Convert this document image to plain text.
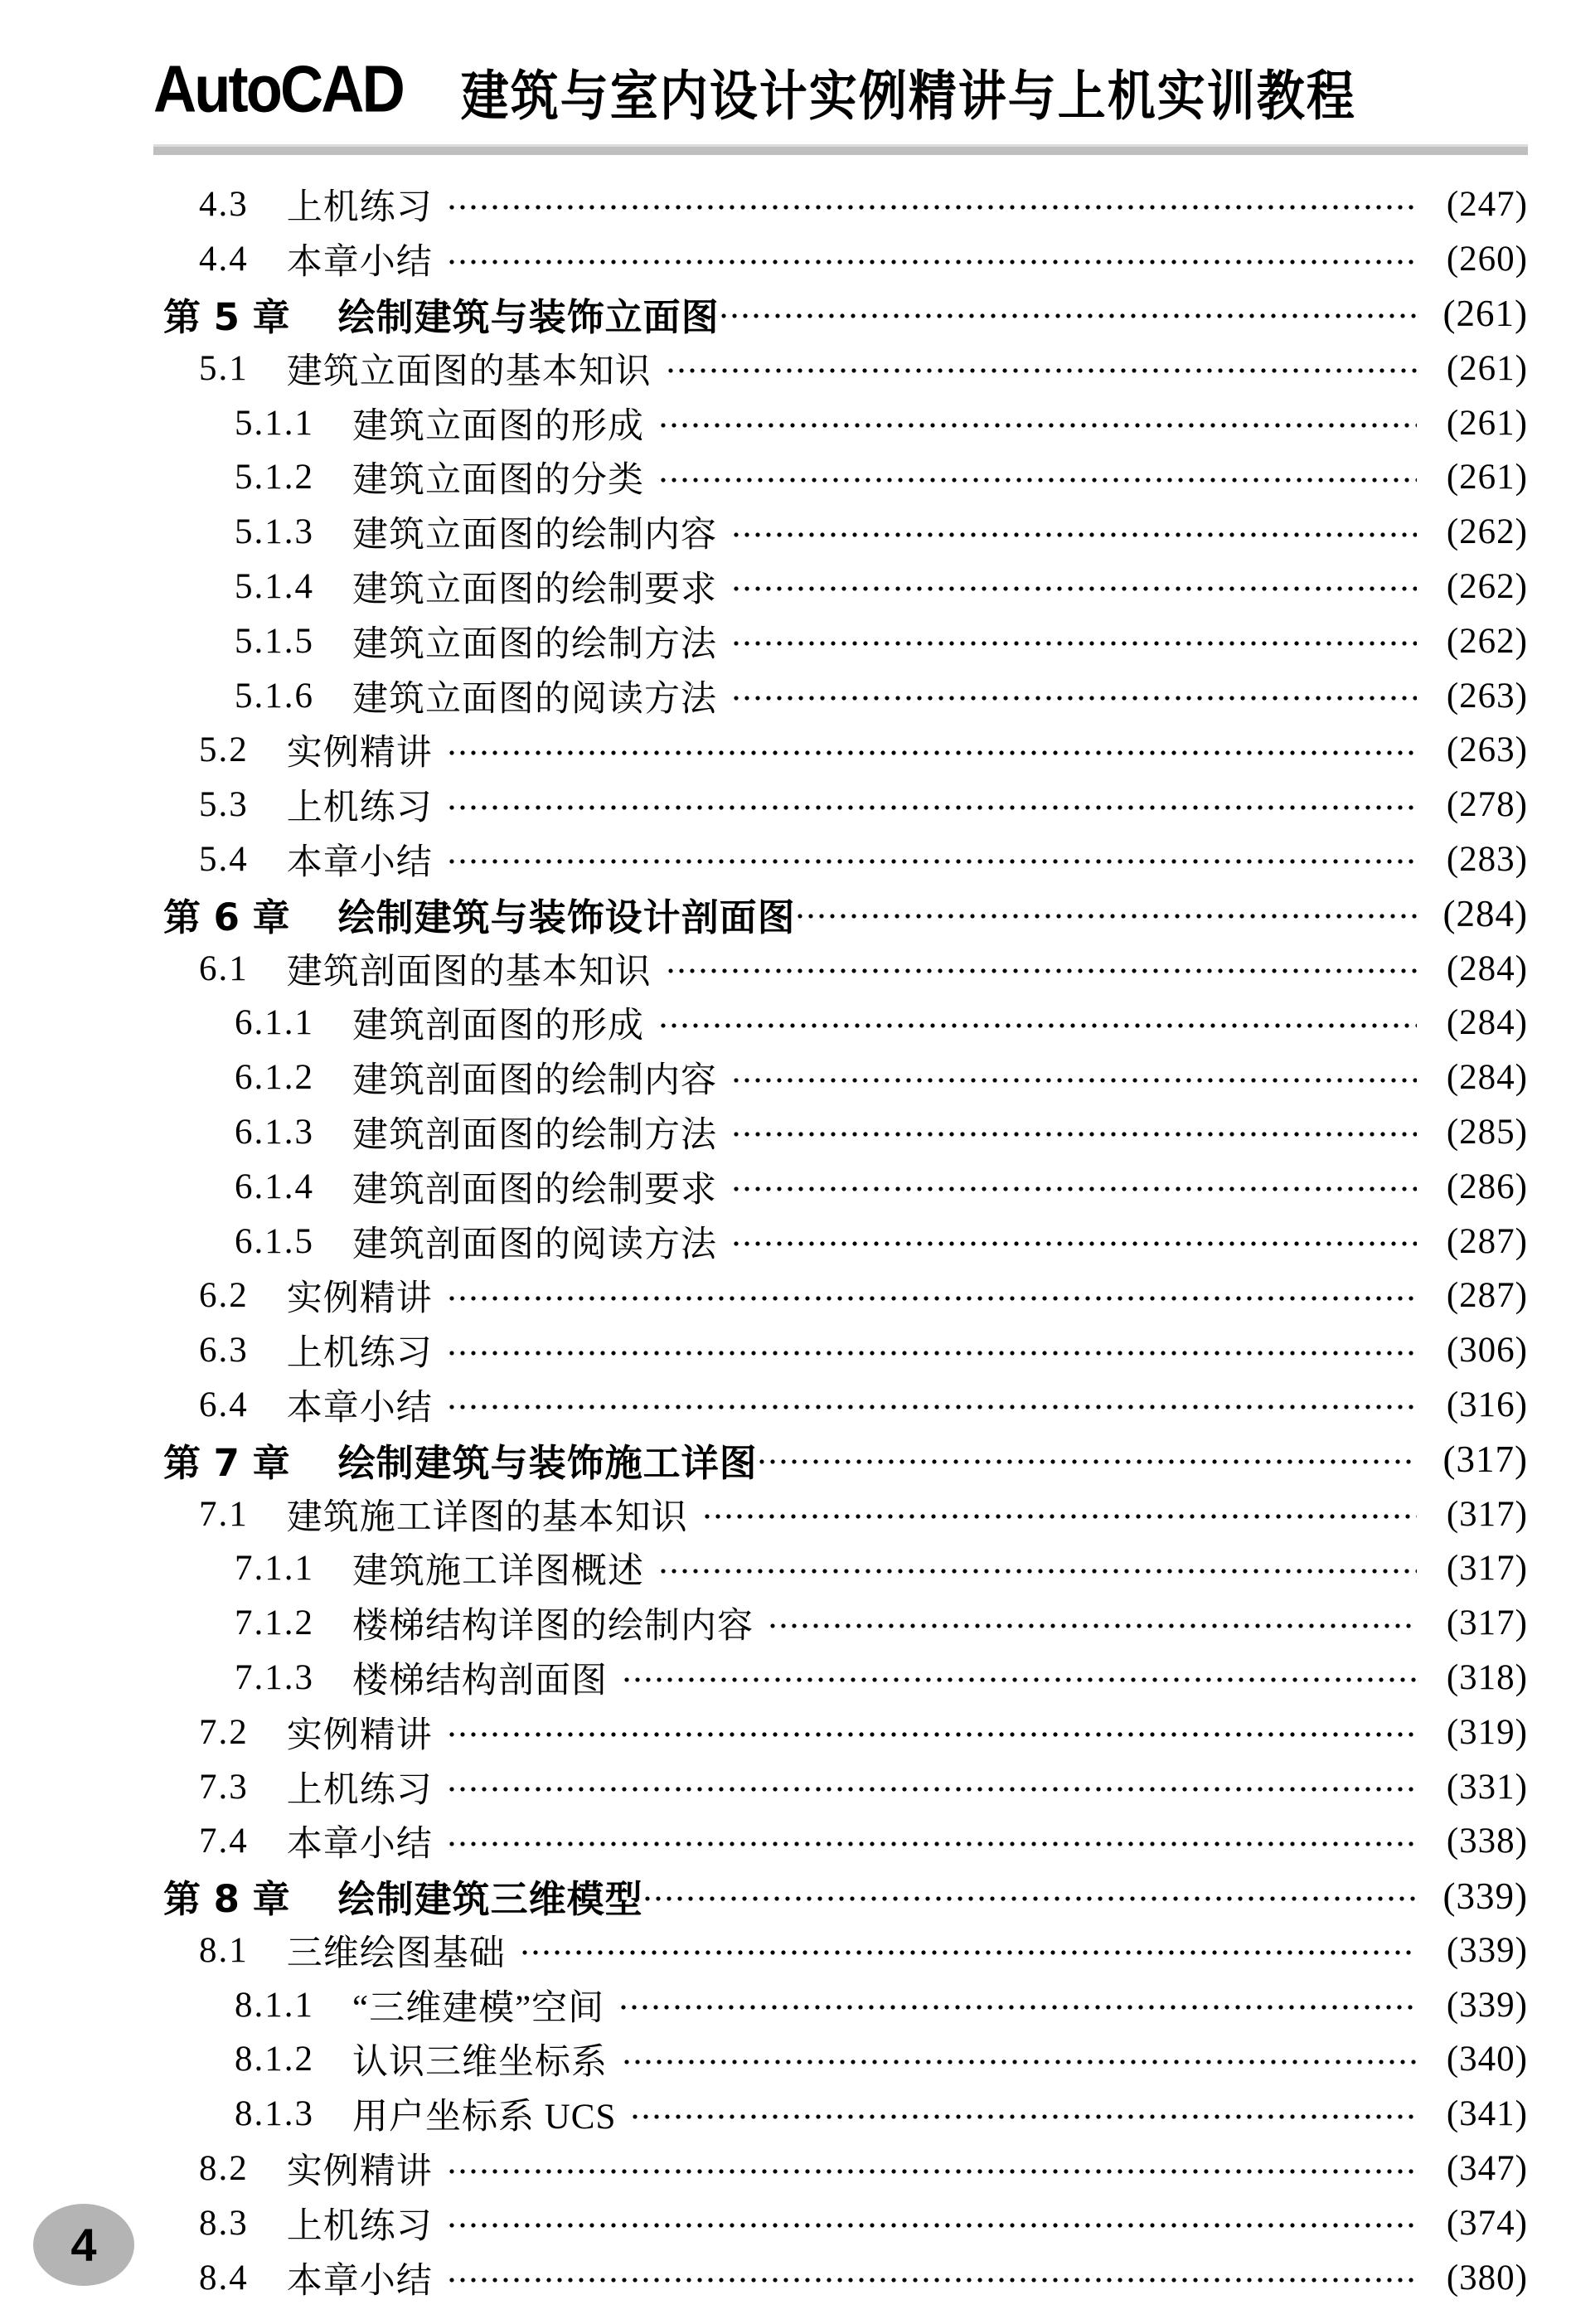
AutoCAD 建筑与室内设计实例精讲与上机实训教程
4.3 上机练习	(247)
4.4 本章小结	(260)
第 5 章 绘制建筑与装饰立面图	(261)
5.1 建筑立面图的基本知识	(261)
5.1.1 建筑立面图的形成	(261)
5.1.2 建筑立面图的分类	(261)
5.1.3 建筑立面图的绘制内容	(262)
5.1.4 建筑立面图的绘制要求	(262)
5.1.5 建筑立面图的绘制方法	(262)
5.1.6 建筑立面图的阅读方法	(263)
5.2 实例精讲	(263)
5.3 上机练习	(278)
5.4 本章小结	(283)
第 6 章 绘制建筑与装饰设计剖面图	(284)
6.1 建筑剖面图的基本知识	(284)
6.1.1 建筑剖面图的形成	(284)
6.1.2 建筑剖面图的绘制内容	(284)
6.1.3 建筑剖面图的绘制方法	(285)
6.1.4 建筑剖面图的绘制要求	(286)
6.1.5 建筑剖面图的阅读方法	(287)
6.2 实例精讲	(287)
6.3 上机练习	(306)
6.4 本章小结	(316)
第 7 章 绘制建筑与装饰施工详图	(317)
7.1 建筑施工详图的基本知识	(317)
7.1.1 建筑施工详图概述	(317)
7.1.2 楼梯结构详图的绘制内容	(317)
7.1.3 楼梯结构剖面图	(318)
7.2 实例精讲	(319)
7.3 上机练习	(331)
7.4 本章小结	(338)
第 8 章 绘制建筑三维模型	(339)
8.1 三维绘图基础	(339)
8.1.1 “三维建模”空间	(339)
8.1.2 认识三维坐标系	(340)
8.1.3 用户坐标系 UCS	(341)
8.2 实例精讲	(347)
8.3 上机练习	(374)
8.4 本章小结	(380)
4
